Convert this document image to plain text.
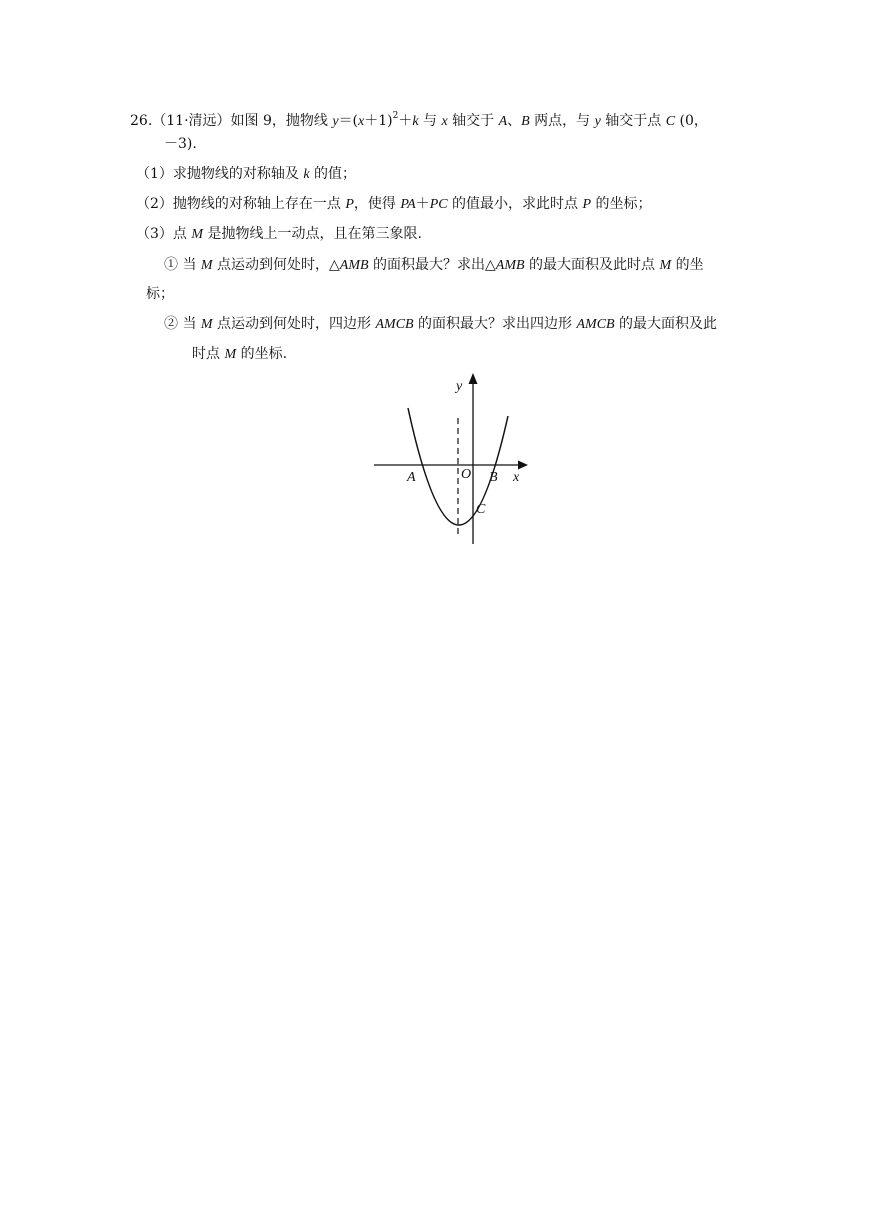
26.（11·清远）如图 9，抛物线 $y=(x+1)^2+k$ 与 x 轴交于 A、B 两点，与 y 轴交于点 C (0，
－3).
（1）求抛物线的对称轴及 k 的值；
（2）抛物线的对称轴上存在一点 P，使得 PA＋PC 的值最小，求此时点 P 的坐标；
（3）点 M 是抛物线上一动点，且在第三象限.
① 当 M 点运动到何处时，△AMB 的面积最大？求出△AMB 的最大面积及此时点 M 的坐
标；
② 当 M 点运动到何处时，四边形 AMCB 的面积最大？求出四边形 AMCB 的最大面积及此
时点 M 的坐标.
y
x
O
A	B
C
